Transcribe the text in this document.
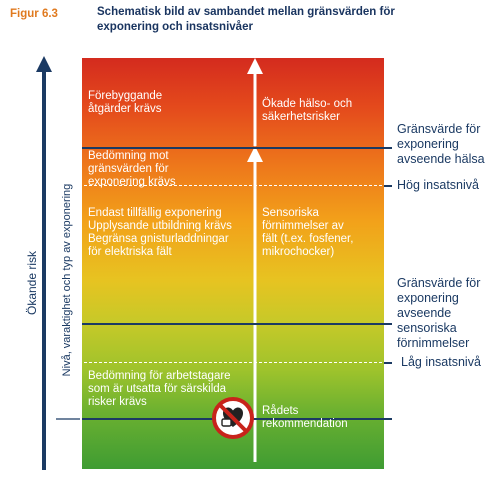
Figur 6.3	Schematisk bild av sambandet mellan gränsvärden för exponering och insatsnivåer
Ökande risk Nivå, varaktighet och typ av exponering
Förebyggande
åtgärder krävs	Ökade hälso- och
säkerhetsrisker
Bedömning mot
gränsvärden för
exponering krävs
Endast tillfällig exponering
Upplysande utbildning krävs
Begränsa gnisturladdningar
för elektriska fält
Sensoriska
förnimmelser av
fält (t.ex. fosfener,
mikrochocker)
Bedömning för arbetstagare
som är utsatta för särskilda
risker krävs
Rådets
rekommendation
Gränsvärde för
exponering
avseende hälsa
Hög insatsnivå
Gränsvärde för
exponering
avseende
sensoriska
förnimmelser
Låg insatsnivå
